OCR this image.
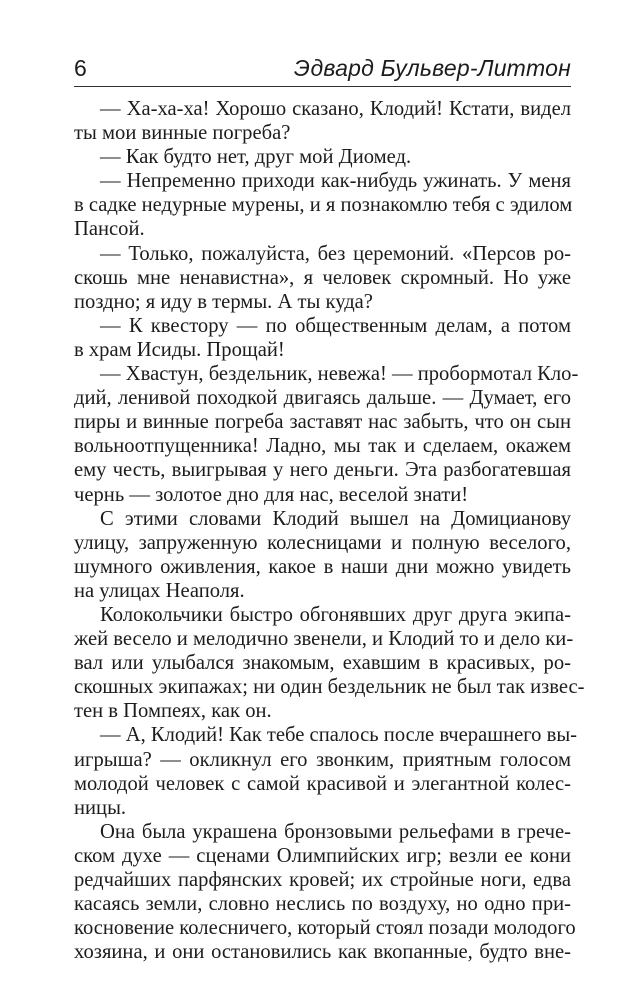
6	Эдвард Бульвер-Литтон
— Ха-ха-ха! Хорошо сказано, Клодий! Кстати, видел
ты мои винные погреба?
— Как будто нет, друг мой Диомед.
— Непременно приходи как-нибудь ужинать. У меня
в садке недурные мурены, и я познакомлю тебя с эдилом
Пансой.
— Только, пожалуйста, без церемоний. «Персов ро-
скошь мне ненавистна», я человек скромный. Но уже
поздно; я иду в термы. А ты куда?
— К квестору — по общественным делам, а потом
в храм Исиды. Прощай!
— Хвастун, бездельник, невежа! — пробормотал Кло-
дий, ленивой походкой двигаясь дальше. — Думает, его
пиры и винные погреба заставят нас забыть, что он сын
вольноотпущенника! Ладно, мы так и сделаем, окажем
ему честь, выигрывая у него деньги. Эта разбогатевшая
чернь — золотое дно для нас, веселой знати!
С этими словами Клодий вышел на Домицианову
улицу, запруженную колесницами и полную веселого,
шумного оживления, какое в наши дни можно увидеть
на улицах Неаполя.
Колокольчики быстро обгонявших друг друга экипа-
жей весело и мелодично звенели, и Клодий то и дело ки-
вал или улыбался знакомым, ехавшим в красивых, ро-
скошных экипажах; ни один бездельник не был так извес-
тен в Помпеях, как он.
— А, Клодий! Как тебе спалось после вчерашнего вы-
игрыша? — окликнул его звонким, приятным голосом
молодой человек с самой красивой и элегантной колес-
ницы.
Она была украшена бронзовыми рельефами в грече-
ском духе — сценами Олимпийских игр; везли ее кони
редчайших парфянских кровей; их стройные ноги, едва
касаясь земли, словно неслись по воздуху, но одно при-
косновение колесничего, который стоял позади молодого
хозяина, и они остановились как вкопанные, будто вне-
